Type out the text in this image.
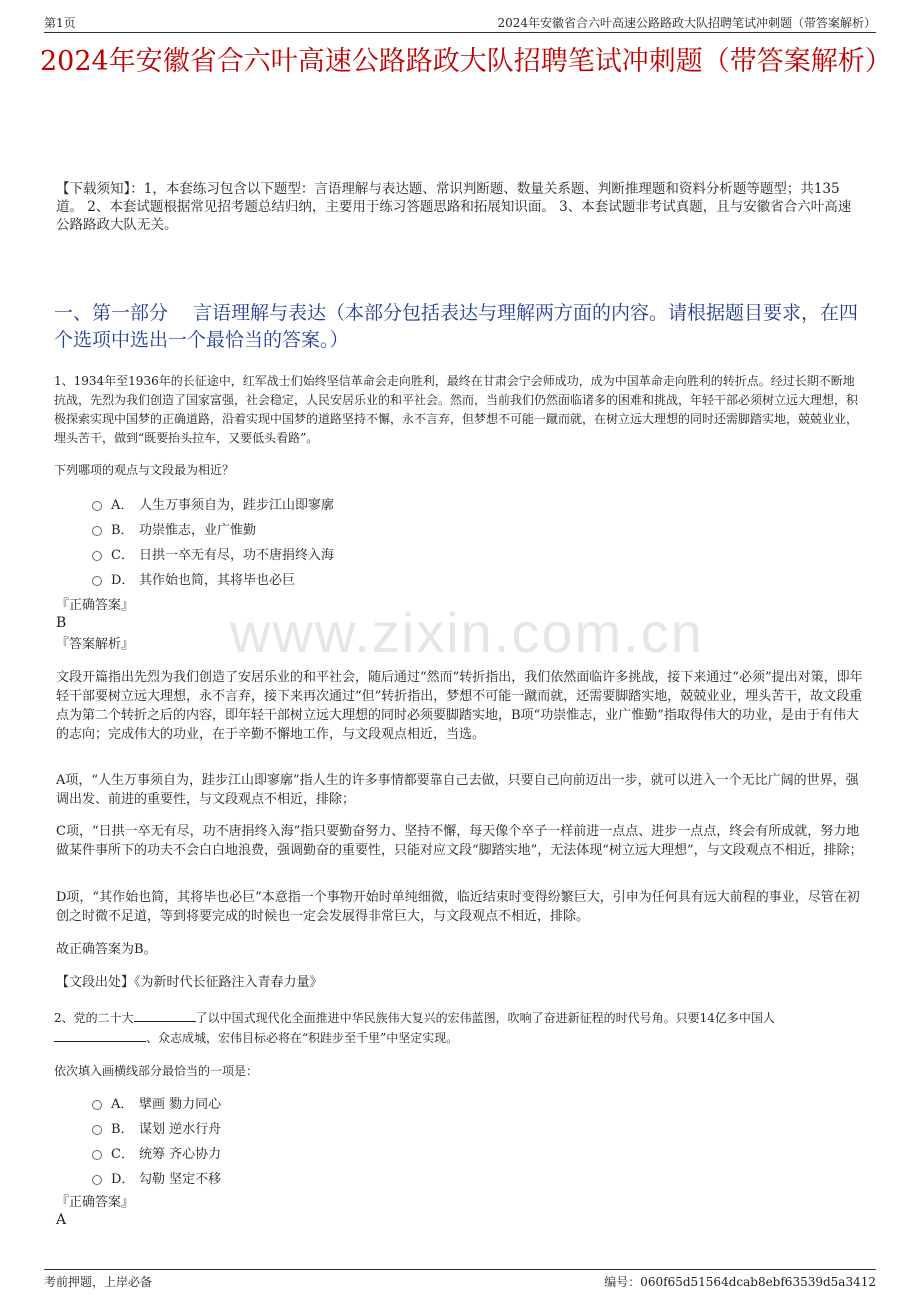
第1页	2024年安徽省合六叶高速公路路政大队招聘笔试冲刺题（带答案解析）
2024年安徽省合六叶高速公路路政大队招聘笔试冲刺题（带答案解析）
【下载须知】：1，本套练习包含以下题型：言语理解与表达题、常识判断题、数量关系题、判断推理题和资料分析题等题型；共135道。 2、本套试题根据常见招考题总结归纳，主要用于练习答题思路和拓展知识面。 3、本套试题非考试真题，且与安徽省合六叶高速公路路政大队无关。
一、第一部分　 言语理解与表达（本部分包括表达与理解两方面的内容。请根据题目要求，在四个选项中选出一个最恰当的答案。）
1、1934年至1936年的长征途中，红军战士们始终坚信革命会走向胜利，最终在甘肃会宁会师成功，成为中国革命走向胜利的转折点。经过长期不断地抗战，先烈为我们创造了国家富强，社会稳定，人民安居乐业的和平社会。然而，当前我们仍然面临诸多的困难和挑战，年轻干部必须树立远大理想，积极探索实现中国梦的正确道路，沿着实现中国梦的道路坚持不懈，永不言弃，但梦想不可能一蹴而就，在树立远大理想的同时还需脚踏实地，兢兢业业，埋头苦干，做到“既要抬头拉车，又要低头看路”。
下列哪项的观点与文段最为相近？
A． 人生万事须自为，跬步江山即寥廓
B． 功崇惟志，业广惟勤
C． 日拱一卒无有尽，功不唐捐终入海
D． 其作始也简，其将毕也必巨
『正确答案』
B
『答案解析』
文段开篇指出先烈为我们创造了安居乐业的和平社会，随后通过“然而”转折指出，我们依然面临许多挑战，接下来通过“必须”提出对策，即年轻干部要树立远大理想，永不言弃，接下来再次通过“但”转折指出，梦想不可能一蹴而就，还需要脚踏实地，兢兢业业，埋头苦干，故文段重点为第二个转折之后的内容，即年轻干部树立远大理想的同时必须要脚踏实地，B项“功崇惟志，业广惟勤”指取得伟大的功业，是由于有伟大的志向；完成伟大的功业，在于辛勤不懈地工作，与文段观点相近，当选。
A项，“人生万事须自为，跬步江山即寥廓”指人生的许多事情都要靠自己去做，只要自己向前迈出一步，就可以进入一个无比广阔的世界，强调出发、前进的重要性，与文段观点不相近，排除；
C项，“日拱一卒无有尽，功不唐捐终入海”指只要勤奋努力、坚持不懈，每天像个卒子一样前进一点点、进步一点点，终会有所成就，努力地做某件事所下的功夫不会白白地浪费，强调勤奋的重要性，只能对应文段“脚踏实地”，无法体现“树立远大理想”，与文段观点不相近，排除；
D项，“其作始也简，其将毕也必巨”本意指一个事物开始时单纯细微，临近结束时变得纷繁巨大，引申为任何具有远大前程的事业，尽管在初创之时微不足道，等到将要完成的时候也一定会发展得非常巨大，与文段观点不相近，排除。
故正确答案为B。
【文段出处】《为新时代长征路注入青春力量》
2、党的二十大	了以中国式现代化全面推进中华民族伟大复兴的宏伟蓝图，吹响了奋进新征程的时代号角。只要14亿多中国人、众志成城，宏伟目标必将在“积跬步至千里”中坚定实现。
依次填入画横线部分最恰当的一项是：
A． 擘画 勠力同心
B． 谋划 逆水行舟
C． 统筹 齐心协力
D． 勾勒 坚定不移
『正确答案』
A
www.zixin.com.cn
考前押题，上岸必备	编号：060f65d51564dcab8ebf63539d5a3412
